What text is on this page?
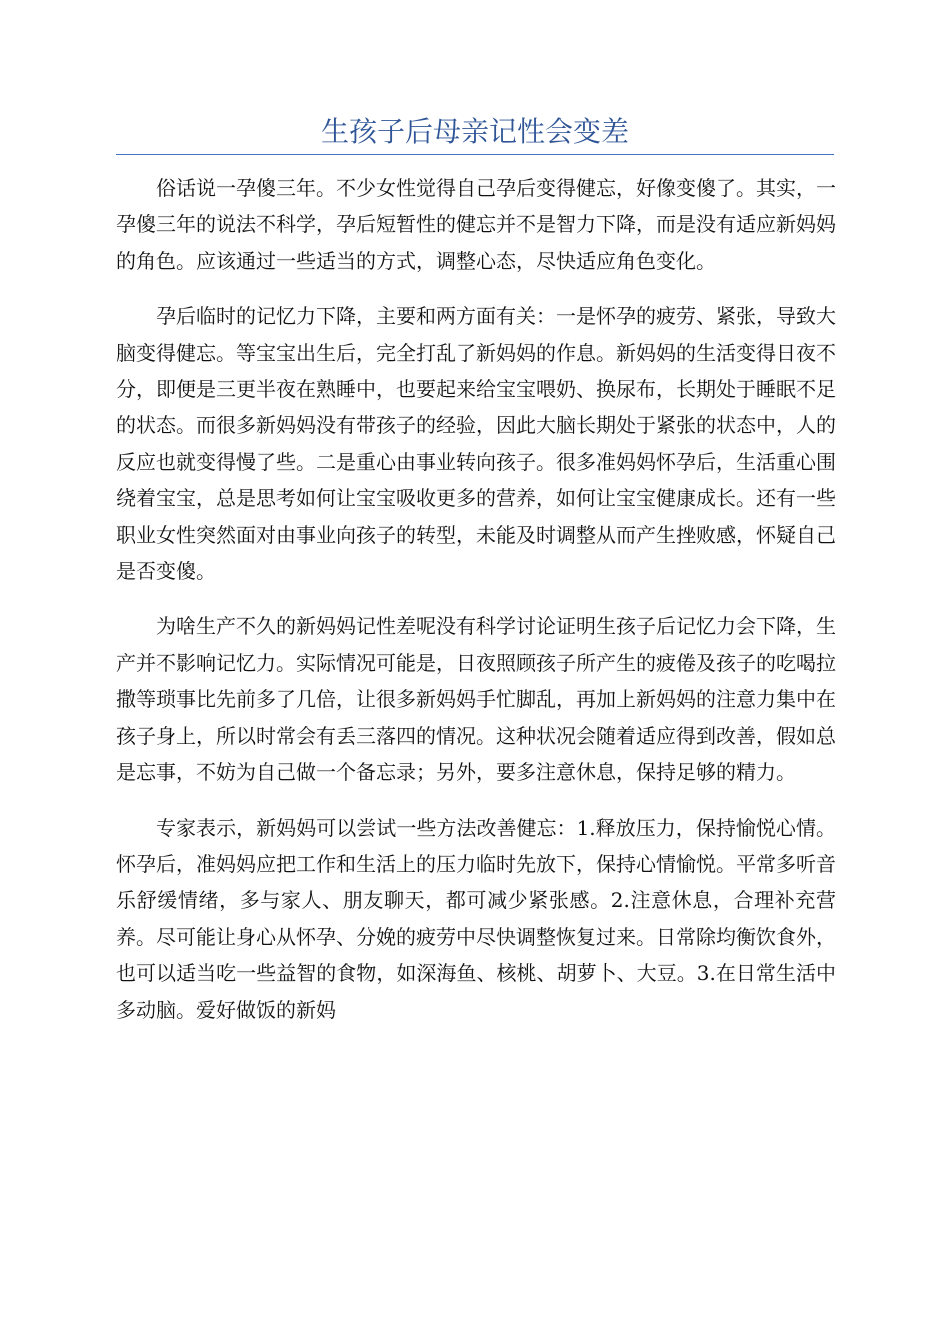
生孩子后母亲记性会变差

俗话说一孕傻三年。不少女性觉得自己孕后变得健忘，好像变傻了。其实，一孕傻三年的说法不科学，孕后短暂性的健忘并不是智力下降，而是没有适应新妈妈的角色。应该通过一些适当的方式，调整心态，尽快适应角色变化。

孕后临时的记忆力下降，主要和两方面有关：一是怀孕的疲劳、紧张，导致大脑变得健忘。等宝宝出生后，完全打乱了新妈妈的作息。新妈妈的生活变得日夜不分，即便是三更半夜在熟睡中，也要起来给宝宝喂奶、换尿布，长期处于睡眠不足的状态。而很多新妈妈没有带孩子的经验，因此大脑长期处于紧张的状态中，人的反应也就变得慢了些。二是重心由事业转向孩子。很多准妈妈怀孕后，生活重心围绕着宝宝，总是思考如何让宝宝吸收更多的营养，如何让宝宝健康成长。还有一些职业女性突然面对由事业向孩子的转型，未能及时调整从而产生挫败感，怀疑自己是否变傻。

为啥生产不久的新妈妈记性差呢没有科学讨论证明生孩子后记忆力会下降，生产并不影响记忆力。实际情况可能是，日夜照顾孩子所产生的疲倦及孩子的吃喝拉撒等琐事比先前多了几倍，让很多新妈妈手忙脚乱，再加上新妈妈的注意力集中在孩子身上，所以时常会有丢三落四的情况。这种状况会随着适应得到改善，假如总是忘事，不妨为自己做一个备忘录；另外，要多注意休息，保持足够的精力。

专家表示，新妈妈可以尝试一些方法改善健忘：1.释放压力，保持愉悦心情。怀孕后，准妈妈应把工作和生活上的压力临时先放下，保持心情愉悦。平常多听音乐舒缓情绪，多与家人、朋友聊天，都可减少紧张感。2.注意休息，合理补充营养。尽可能让身心从怀孕、分娩的疲劳中尽快调整恢复过来。日常除均衡饮食外，也可以适当吃一些益智的食物，如深海鱼、核桃、胡萝卜、大豆。3.在日常生活中多动脑。爱好做饭的新妈
